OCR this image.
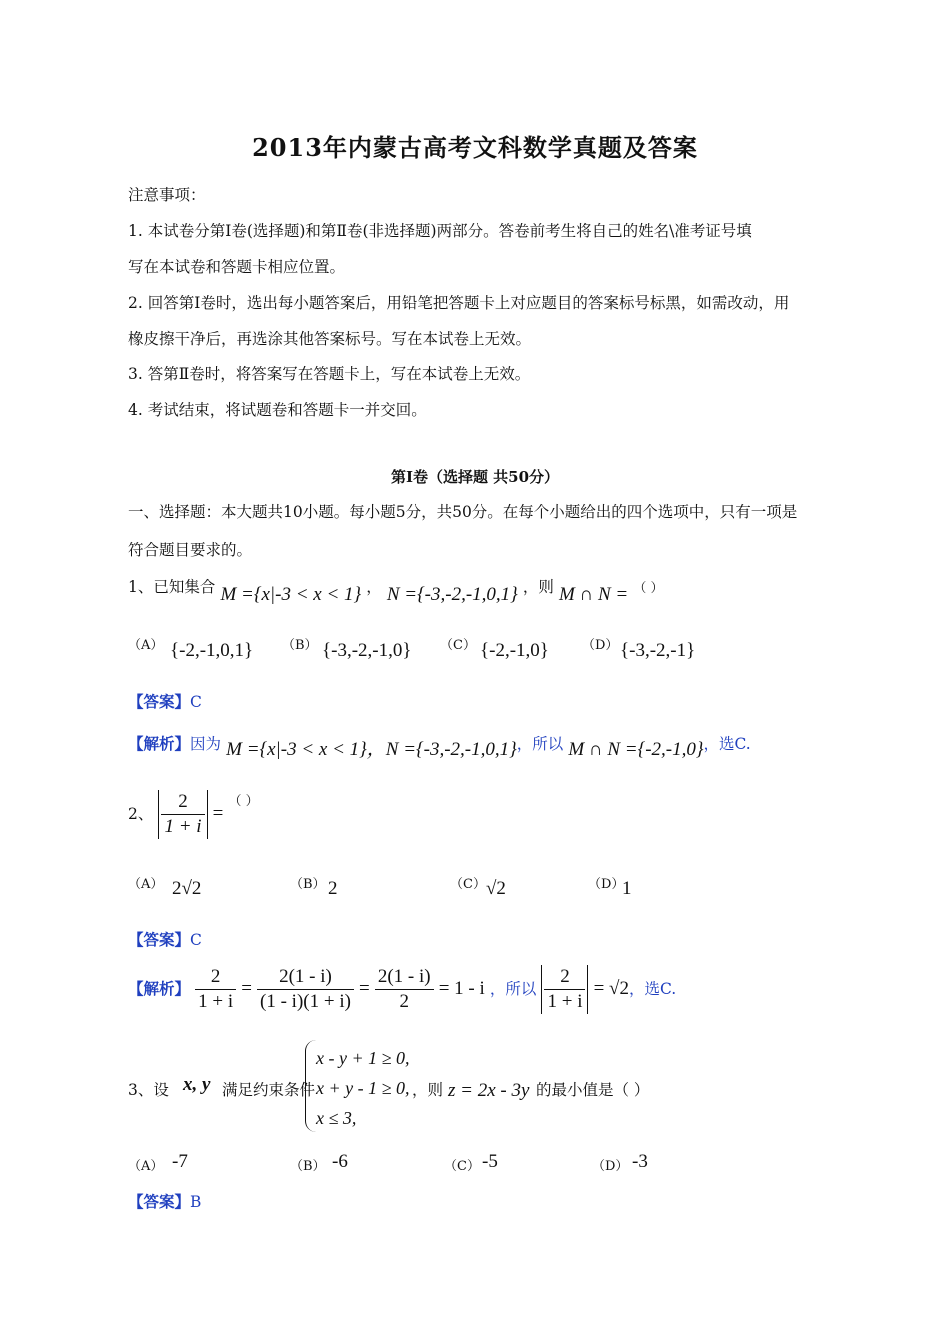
2013年内蒙古高考文科数学真题及答案
注意事项：
1. 本试卷分第Ⅰ卷(选择题)和第Ⅱ卷(非选择题)两部分。答卷前考生将自己的姓名\准考证号填
写在本试卷和答题卡相应位置。
2. 回答第Ⅰ卷时，选出每小题答案后，用铅笔把答题卡上对应题目的答案标号标黑，如需改动，用
橡皮擦干净后，再选涂其他答案标号。写在本试卷上无效。
3. 答第Ⅱ卷时，将答案写在答题卡上，写在本试卷上无效。
4. 考试结束，将试题卷和答题卡一并交回。
第Ⅰ卷（选择题 共50分）
一、选择题：本大题共10小题。每小题5分，共50分。在每个小题给出的四个选项中，只有一项是
符合题目要求的。
1、已知集合 M ={x|-3 < x < 1} ， N ={-3,-2,-1,0,1} ，则 M ∩ N = （ ）
（A） {-2,-1,0,1} （B） {-3,-2,-1,0} （C） {-2,-1,0}	（D） {-3,-2,-1}
【答案】C
【解析】因为 M ={x|-3 < x < 1}，N ={-3,-2,-1,0,1}，所以 M ∩ N ={-2,-1,0}，选C.
2、 $\frac{2}{1 + i} = ^{( )}$
（A） 2√2	（B） 2	（C） √2	（D）
1
【答案】C
【解析】 $\frac{2}{1 + i} = \frac{2(1 - i)}{(1 - i)(1 + i)} = \frac{2(1 - i)}{2} = 1 - i$ ，所以 $\frac{2}{1 + i} = √2$，选C.
3、设 x, y 满足约束条件
x - y + 1 ≥ 0,
x + y - 1 ≥ 0,
x ≤ 3,
，则 z = 2x - 3y 的最小值是（ ）
（A） -7	（B） -6	（C） -5	（D） -3
【答案】B
